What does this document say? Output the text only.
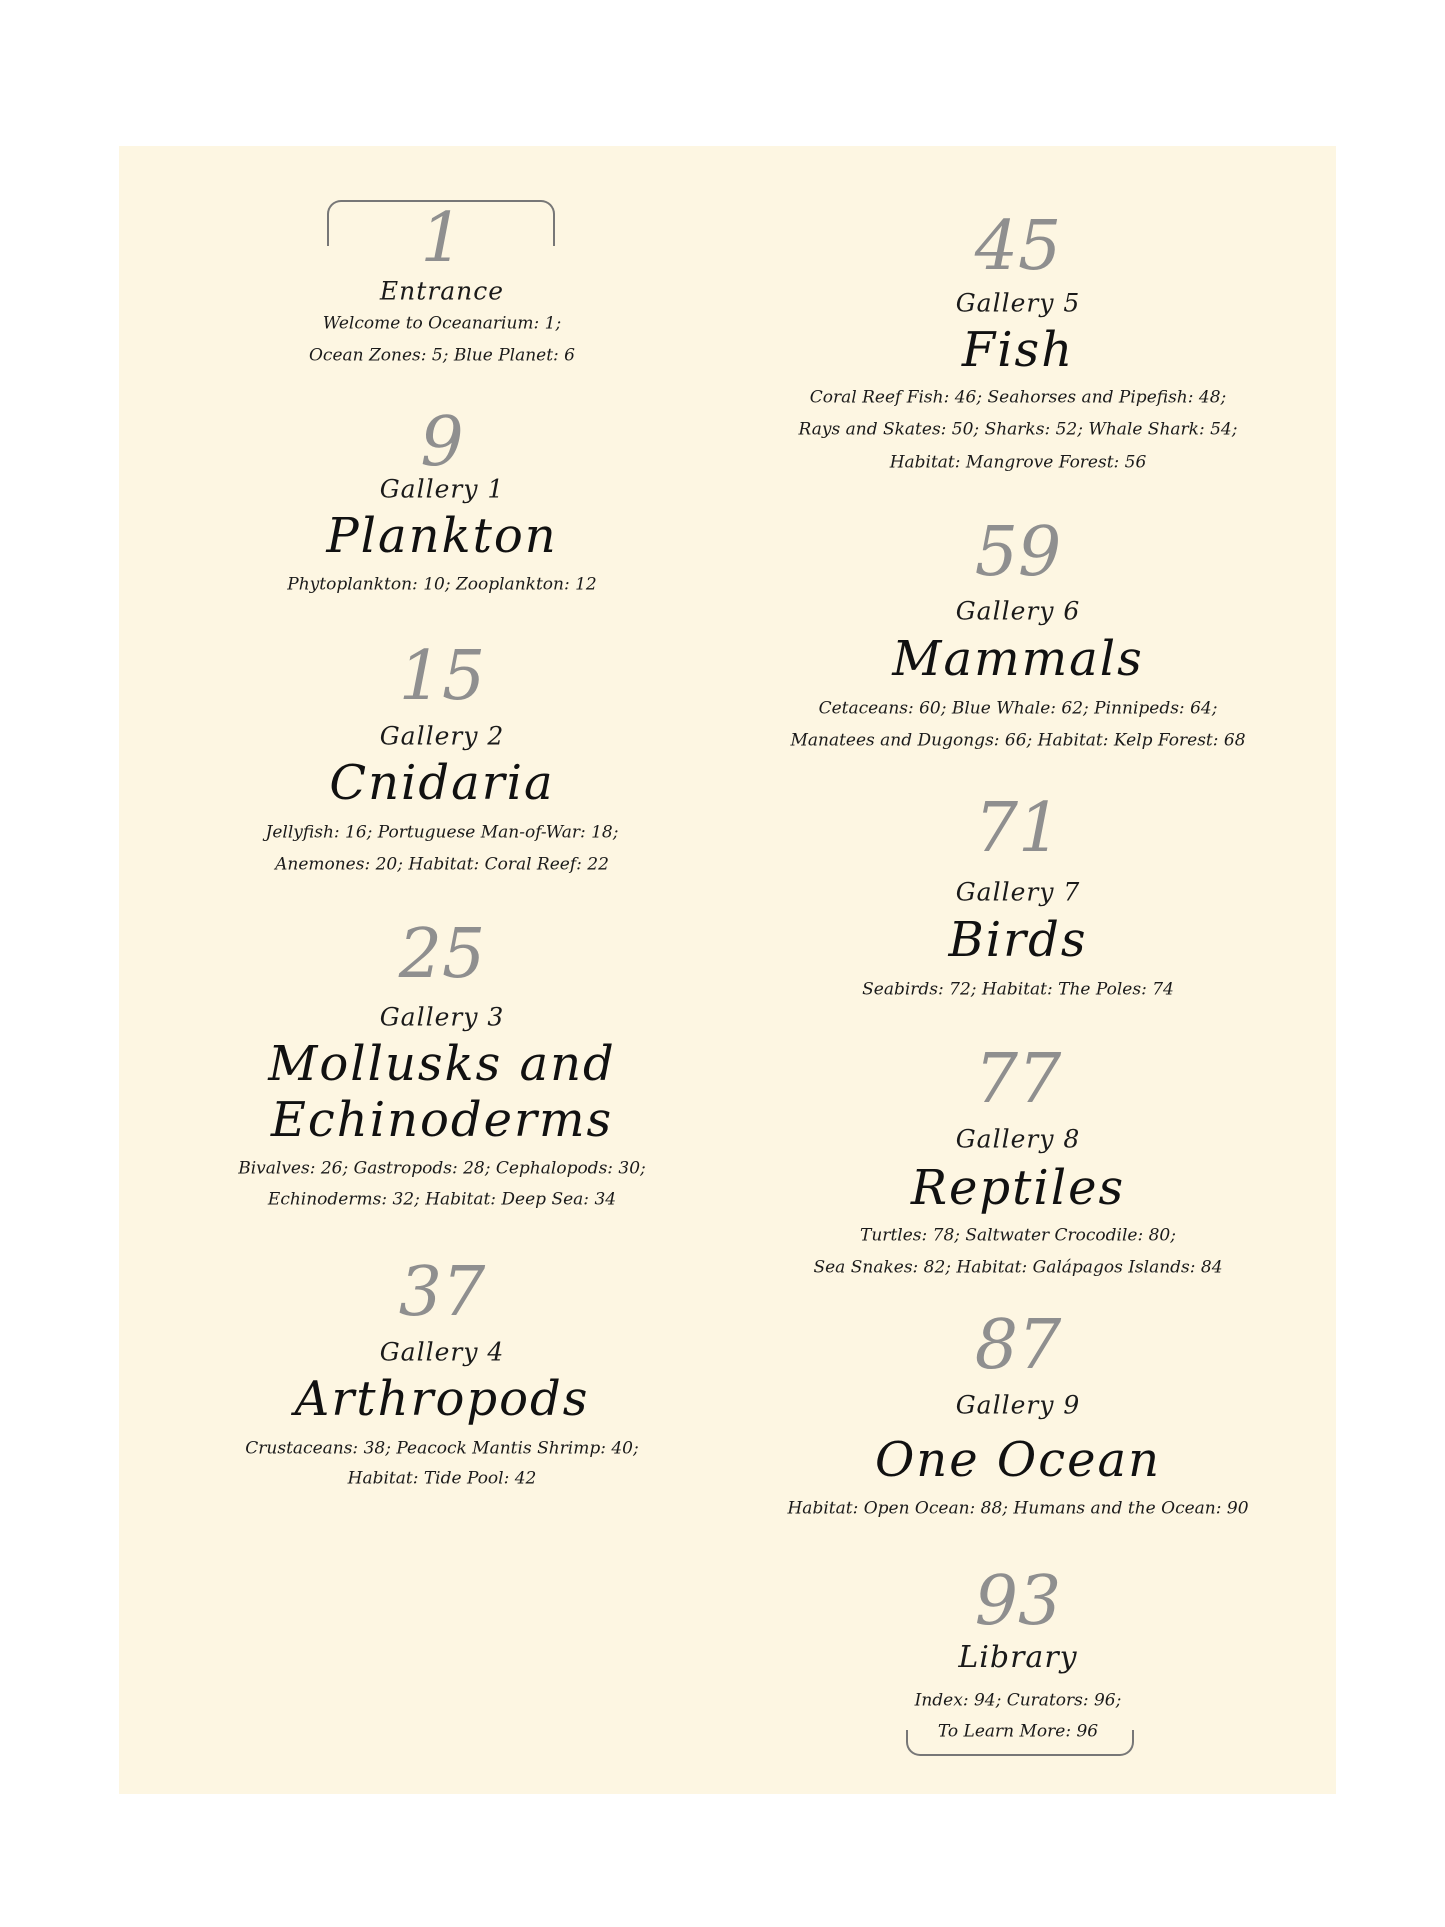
1
Entrance
Welcome to Oceanarium: 1;
Ocean Zones: 5; Blue Planet: 6
9
Gallery 1
Plankton
Phytoplankton: 10; Zooplankton: 12
15
Gallery 2
Cnidaria
Jellyfish: 16; Portuguese Man-of-War: 18;
Anemones: 20; Habitat: Coral Reef: 22
25
Gallery 3
Mollusks and
Echinoderms
Bivalves: 26; Gastropods: 28; Cephalopods: 30;
Echinoderms: 32; Habitat: Deep Sea: 34
37
Gallery 4
Arthropods
Crustaceans: 38; Peacock Mantis Shrimp: 40;
Habitat: Tide Pool: 42
45
Gallery 5
Fish
Coral Reef Fish: 46; Seahorses and Pipefish: 48;
Rays and Skates: 50; Sharks: 52; Whale Shark: 54;
Habitat: Mangrove Forest: 56
59
Gallery 6
Mammals
Cetaceans: 60; Blue Whale: 62; Pinnipeds: 64;
Manatees and Dugongs: 66; Habitat: Kelp Forest: 68
71
Gallery 7
Birds
Seabirds: 72; Habitat: The Poles: 74
77
Gallery 8
Reptiles
Turtles: 78; Saltwater Crocodile: 80;
Sea Snakes: 82; Habitat: Galápagos Islands: 84
87
Gallery 9
One Ocean
Habitat: Open Ocean: 88; Humans and the Ocean: 90
93
Library
Index: 94; Curators: 96;
To Learn More: 96
